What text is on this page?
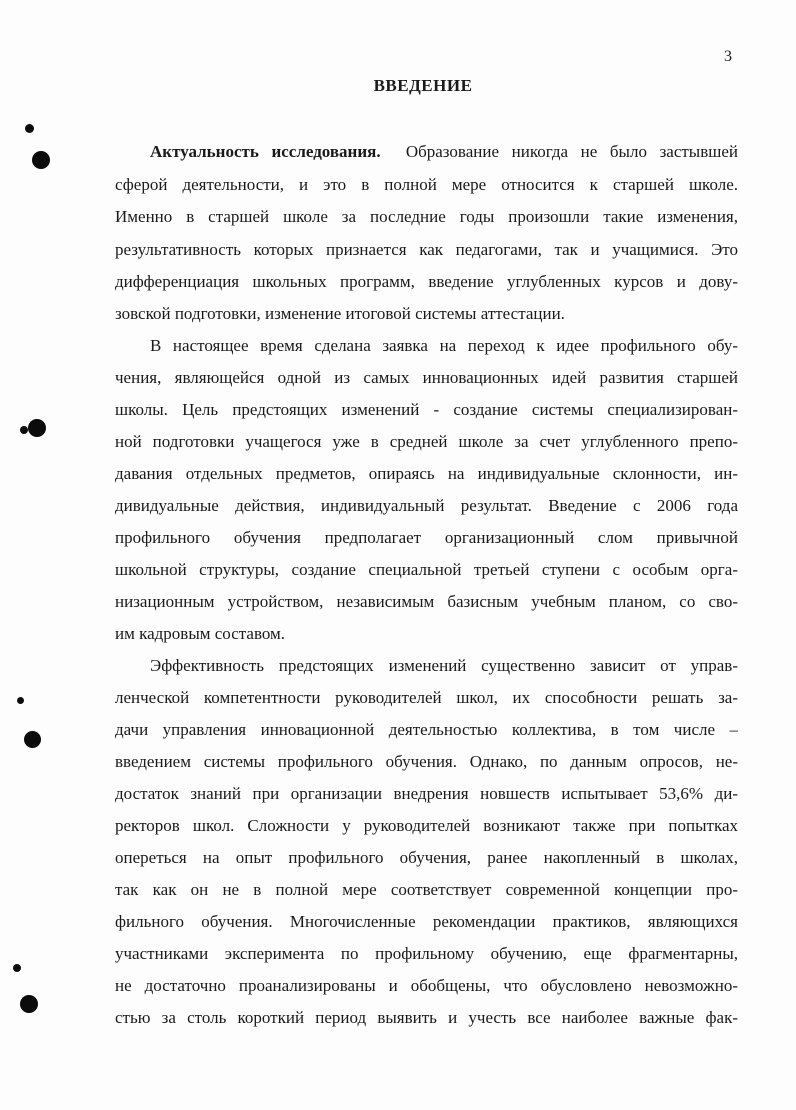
3
ВВЕДЕНИЕ
Актуальность исследования. Образование никогда не было застывшей
сферой деятельности, и это в полной мере относится к старшей школе.
Именно в старшей школе за последние годы произошли такие изменения,
результативность которых признается как педагогами, так и учащимися. Это
дифференциация школьных программ, введение углубленных курсов и дову-
зовской подготовки, изменение итоговой системы аттестации.
В настоящее время сделана заявка на переход к идее профильного обу-
чения, являющейся одной из самых инновационных идей развития старшей
школы. Цель предстоящих изменений - создание системы специализирован-
ной подготовки учащегося уже в средней школе за счет углубленного препо-
давания отдельных предметов, опираясь на индивидуальные склонности, ин-
дивидуальные действия, индивидуальный результат. Введение с 2006 года
профильного обучения предполагает организационный слом привычной
школьной структуры, создание специальной третьей ступени с особым орга-
низационным устройством, независимым базисным учебным планом, со сво-
им кадровым составом.
Эффективность предстоящих изменений существенно зависит от управ-
ленческой компетентности руководителей школ, их способности решать за-
дачи управления инновационной деятельностью коллектива, в том числе –
введением системы профильного обучения. Однако, по данным опросов, не-
достаток знаний при организации внедрения новшеств испытывает 53,6% ди-
ректоров школ. Сложности у руководителей возникают также при попытках
опереться на опыт профильного обучения, ранее накопленный в школах,
так как он не в полной мере соответствует современной концепции про-
фильного обучения. Многочисленные рекомендации практиков, являющихся
участниками эксперимента по профильному обучению, еще фрагментарны,
не достаточно проанализированы и обобщены, что обусловлено невозможно-
стью за столь короткий период выявить и учесть все наиболее важные фак-
